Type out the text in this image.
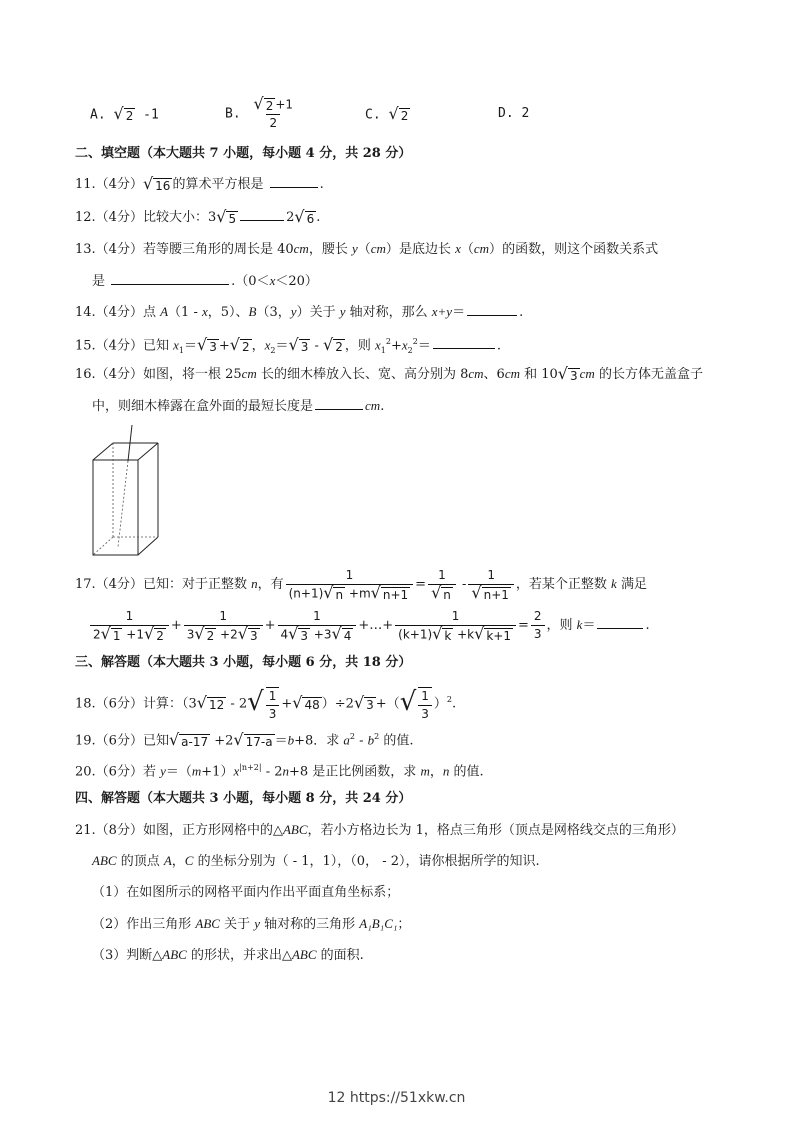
A. √ 2 -1	B. $\frac{√ 2 +1}{2}$	C. √ 2	D. 2
二、填空题（本大题共 7 小题，每小题 4 分，共 28 分）
11.（4分） √ 16 的算术平方根是	.
12.（4分）比较大小：3 √ 5	2 √ 6 .
13.（4分）若等腰三角形的周长是 40cm，腰长 y（cm）是底边长 x（cm）的函数，则这个函数关系式
是	.（0＜x＜20）
14.（4分）点 A（1 - x，5）、B（3，y）关于 y 轴对称，那么 x+y＝	.
15.（4分）已知 $x_1=$ √ 3 + √ 2 ，$x_2=$ √ 3 - √ 2 ，则 $x_1^2+x_2^2=$	.
16.（4分）如图，将一根 25cm 长的细木棒放入长、宽、高分别为 8cm、6cm 和 10 √ 3 cm 的长方体无盖盒子
中，则细木棒露在盒外面的最短长度是	cm.
17.（4分）已知：对于正整数 n，有 $\frac{1}{(n+1) √ n +m √ n+1} = \frac{1}{√ n} - \frac{1}{√ n+1}$ ，若某个正整数 k 满足
$\frac{1}{2 √ 1 +1 √ 2} + \frac{1}{3 √ 2 +2 √ 3} + \frac{1}{4 √ 3 +3 √ 4}$ +…+ $\frac{1}{(k+1) √ k +k √ k+1} = \frac{2}{3}$ ，则 k＝	.
三、解答题（本大题共 3 小题，每小题 6 分，共 18 分）
18.（6分）计算：（3 √ 12 - 2 √ $\frac{1}{3}$ + √ 48 ）÷2 √ 3 +（ √ $\frac{1}{3} )^2$.
19.（6分）已知 √ a-17 +2 √ 17-a ＝b+8．求 $a^2 - b^2$ 的值.
20.（6分）若 $y=(m+1)x^{|n+2|} - 2n+8$ 是正比例函数，求 m，n 的值.
四、解答题（本大题共 3 小题，每小题 8 分，共 24 分）
21.（8分）如图，正方形网格中的△ABC，若小方格边长为 1，格点三角形（顶点是网格线交点的三角形）
ABC 的顶点 A，C 的坐标分别为（ - 1，1），（0， - 2），请你根据所学的知识.
（1）在如图所示的网格平面内作出平面直角坐标系；
（2）作出三角形 ABC 关于 y 轴对称的三角形 A₁B₁C₁；
（3）判断△ABC 的形状，并求出△ABC 的面积.
12 https://51xkw.cn
